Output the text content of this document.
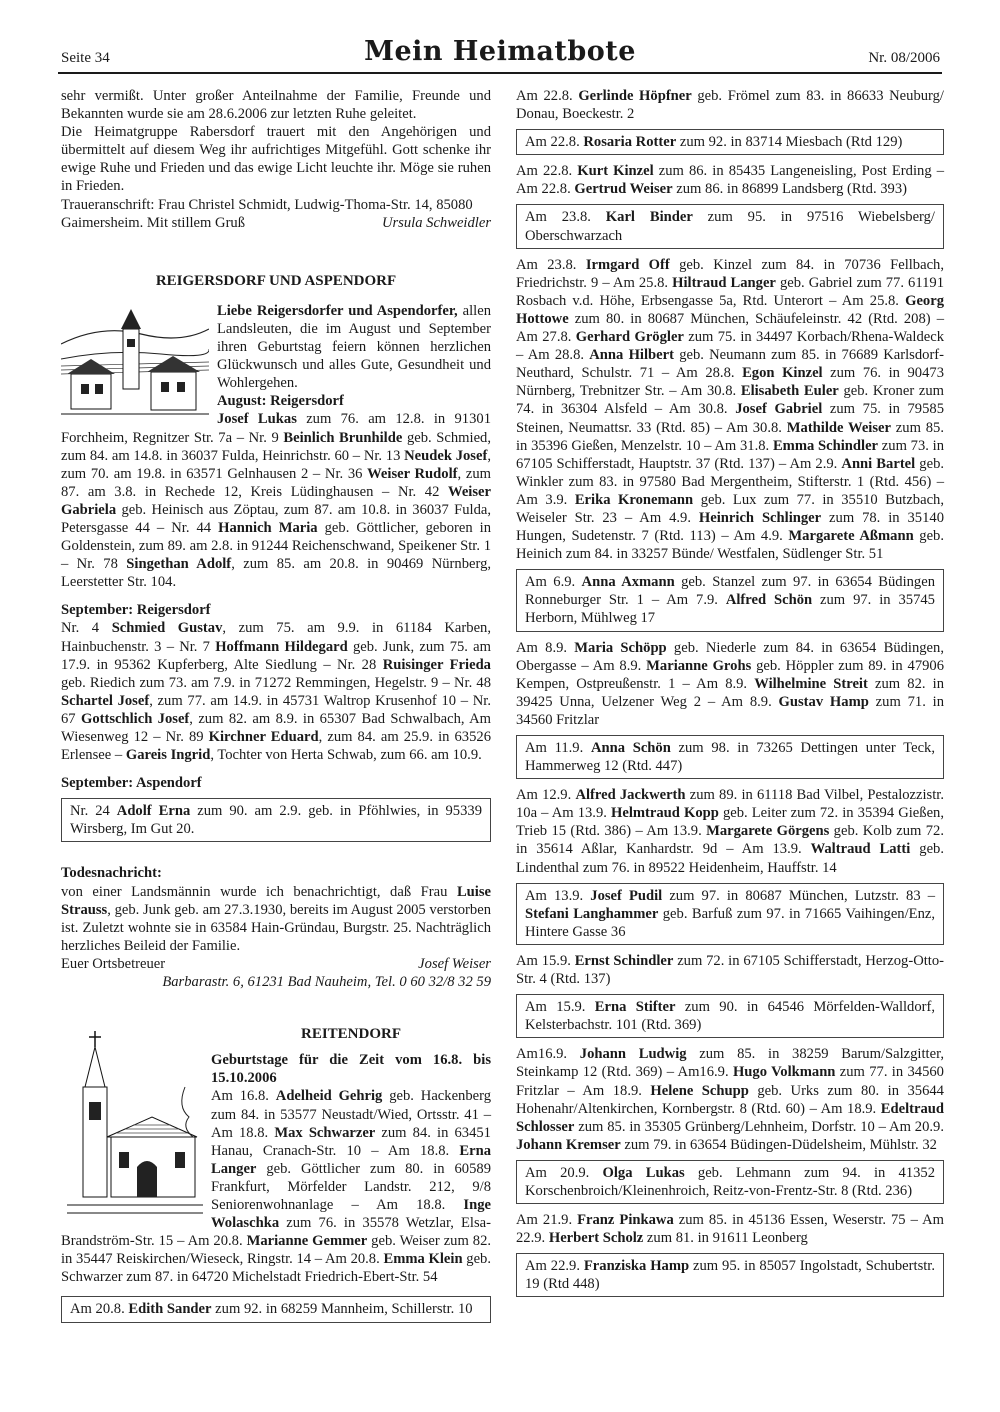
Seite 34	Mein Heimatbote	Nr. 08/2006

sehr vermißt. Unter großer Anteilnahme der Familie, Freunde und Bekannten wurde sie am 28.6.2006 zur letzten Ruhe geleitet.

Die Heimatgruppe Rabersdorf trauert mit den Angehörigen und übermittelt auf diesem Weg ihr aufrichtiges Mitgefühl. Gott schenke ihr ewige Ruhe und Frieden und das ewige Licht leuchte ihr. Möge sie ruhen in Frieden.

Traueranschrift: Frau Christel Schmidt, Ludwig-Thoma-Str. 14, 85080

Gaimersheim. Mit stillem Gruß	Ursula Schweidler
REIGERSDORF UND ASPENDORF

Liebe Reigersdorfer und Aspendorfer, allen Landsleuten, die im August und September ihren Geburtstag feiern können herzlichen Glückwunsch und alles Gute, Gesundheit und Wohlergehen.

August: Reigersdorf

Josef Lukas zum 76. am 12.8. in 91301 Forchheim, Regnitzer Str. 7a – Nr. 9 Beinlich Brunhilde geb. Schmied, zum 84. am 14.8. in 36037 Fulda, Heinrichstr. 60 – Nr. 13 Neudek Josef, zum 70. am 19.8. in 63571 Gelnhausen 2 – Nr. 36 Weiser Rudolf, zum 87. am 3.8. in Rechede 12, Kreis Lüdinghausen – Nr. 42 Weiser Gabriela geb. Heinisch aus Zöptau, zum 87. am 10.8. in 36037 Fulda, Petersgasse 44 – Nr. 44 Hannich Maria geb. Göttlicher, geboren in Goldenstein, zum 89. am 2.8. in 91244 Reichenschwand, Speikener Str. 1 – Nr. 78 Singethan Adolf, zum 85. am 20.8. in 90469 Nürnberg, Leerstetter Str. 104.

September: Reigersdorf

Nr. 4 Schmied Gustav, zum 75. am 9.9. in 61184 Karben, Hainbuchenstr. 3 – Nr. 7 Hoffmann Hildegard geb. Junk, zum 75. am 17.9. in 95362 Kupferberg, Alte Siedlung – Nr. 28 Ruisinger Frieda geb. Riedich zum 73. am 7.9. in 71272 Remmingen, Hegelstr. 9 – Nr. 48 Schartel Josef, zum 77. am 14.9. in 45731 Waltrop Krusenhof 10 – Nr. 67 Gottschlich Josef, zum 82. am 8.9. in 65307 Bad Schwalbach, Am Wiesenweg 12 – Nr. 89 Kirchner Eduard, zum 84. am 25.9. in 63526 Erlensee – Gareis Ingrid, Tochter von Herta Schwab, zum 66. am 10.9.

September: Aspendorf

Nr. 24 Adolf Erna zum 90. am 2.9. geb. in Pföhlwies, in 95339 Wirsberg, Im Gut 20.

Todesnachricht:

von einer Landsmännin wurde ich benachrichtigt, daß Frau Luise Strauss, geb. Junk geb. am 27.3.1930, bereits im August 2005 verstorben ist. Zuletzt wohnte sie in 63584 Hain-Gründau, Burgstr. 25. Nachträglich herzliches Beileid der Familie.

Euer Ortsbetreuer	Josef Weiser

Barbarastr. 6, 61231 Bad Nauheim, Tel. 0 60 32/8 32 59

REITENDORF

Geburtstage für die Zeit vom 16.8. bis 15.10.2006

Am 16.8. Adelheid Gehrig geb. Hackenberg zum 84. in 53577 Neustadt/Wied, Ortsstr. 41 – Am 18.8. Max Schwarzer zum 84. in 63451 Hanau, Cranach-Str. 10 – Am 18.8. Erna Langer geb. Göttlicher zum 80. in 60589 Frankfurt, Mörfelder Landstr. 212, 9/8 Seniorenwohnanlage – Am 18.8. Inge Wolaschka zum 76. in 35578 Wetzlar, Elsa-Brandström-Str. 15 – Am 20.8. Marianne Gemmer geb. Weiser zum 82. in 35447 Reiskirchen/Wieseck, Ringstr. 14 – Am 20.8. Emma Klein geb. Schwarzer zum 87. in 64720 Michelstadt Friedrich-Ebert-Str. 54

Am 20.8. Edith Sander zum 92. in 68259 Mannheim, Schillerstr. 10

Am 22.8. Gerlinde Höpfner geb. Frömel zum 83. in 86633 Neuburg/ Donau, Boeckestr. 2

Am 22.8. Rosaria Rotter zum 92. in 83714 Miesbach (Rtd 129)

Am 22.8. Kurt Kinzel zum 86. in 85435 Langeneisling, Post Erding – Am 22.8. Gertrud Weiser zum 86. in 86899 Landsberg (Rtd. 393)

Am 23.8. Karl Binder zum 95. in 97516 Wiebelsberg/ Oberschwarzach

Am 23.8. Irmgard Off geb. Kinzel zum 84. in 70736 Fellbach, Friedrichstr. 9 – Am 25.8. Hiltraud Langer geb. Gabriel zum 77. 61191 Rosbach v.d. Höhe, Erbsengasse 5a, Rtd. Unterort – Am 25.8. Georg Hottowe zum 80. in 80687 München, Schäufeleinstr. 42 (Rtd. 208) – Am 27.8. Gerhard Grögler zum 75. in 34497 Korbach/Rhena-Waldeck – Am 28.8. Anna Hilbert geb. Neumann zum 85. in 76689 Karlsdorf-Neuthard, Schulstr. 71 – Am 28.8. Egon Kinzel zum 76. in 90473 Nürnberg, Trebnitzer Str. – Am 30.8. Elisabeth Euler geb. Kroner zum 74. in 36304 Alsfeld – Am 30.8. Josef Gabriel zum 75. in 79585 Steinen, Neumattsr. 33 (Rtd. 85) – Am 30.8. Mathilde Weiser zum 85. in 35396 Gießen, Menzelstr. 10 – Am 31.8. Emma Schindler zum 73. in 67105 Schifferstadt, Hauptstr. 37 (Rtd. 137) – Am 2.9. Anni Bartel geb. Winkler zum 83. in 97580 Bad Mergentheim, Stifterstr. 1 (Rtd. 456) – Am 3.9. Erika Kronemann geb. Lux zum 77. in 35510 Butzbach, Weiseler Str. 23 – Am 4.9. Heinrich Schlinger zum 78. in 35140 Hungen, Sudetenstr. 7 (Rtd. 113) – Am 4.9. Margarete Aßmann geb. Heinich zum 84. in 33257 Bünde/ Westfalen, Südlenger Str. 51

Am 6.9. Anna Axmann geb. Stanzel zum 97. in 63654 Büdingen Ronneburger Str. 1 – Am 7.9. Alfred Schön zum 97. in 35745 Herborn, Mühlweg 17

Am 8.9. Maria Schöpp geb. Niederle zum 84. in 63654 Büdingen, Obergasse – Am 8.9. Marianne Grohs geb. Höppler zum 89. in 47906 Kempen, Ostpreußenstr. 1 – Am 8.9. Wilhelmine Streit zum 82. in 39425 Unna, Uelzener Weg 2 – Am 8.9. Gustav Hamp zum 71. in 34560 Fritzlar

Am 11.9. Anna Schön zum 98. in 73265 Dettingen unter Teck, Hammerweg 12 (Rtd. 447)

Am 12.9. Alfred Jackwerth zum 89. in 61118 Bad Vilbel, Pestalozzistr. 10a – Am 13.9. Helmtraud Kopp geb. Leiter zum 72. in 35394 Gießen, Trieb 15 (Rtd. 386) – Am 13.9. Margarete Görgens geb. Kolb zum 72. in 35614 Aßlar, Kanhardstr. 9d – Am 13.9. Waltraud Latti geb. Lindenthal zum 76. in 89522 Heidenheim, Hauffstr. 14

Am 13.9. Josef Pudil zum 97. in 80687 München, Lutzstr. 83 – Stefani Langhammer geb. Barfuß zum 97. in 71665 Vaihingen/Enz, Hintere Gasse 36

Am 15.9. Ernst Schindler zum 72. in 67105 Schifferstadt, Herzog-Otto-Str. 4 (Rtd. 137)

Am 15.9. Erna Stifter zum 90. in 64546 Mörfelden-Walldorf, Kelsterbachstr. 101 (Rtd. 369)

Am16.9. Johann Ludwig zum 85. in 38259 Barum/Salzgitter, Steinkamp 12 (Rtd. 369) – Am16.9. Hugo Volkmann zum 77. in 34560 Fritzlar – Am 18.9. Helene Schupp geb. Urks zum 80. in 35644 Hohenahr/Altenkirchen, Kornbergstr. 8 (Rtd. 60) – Am 18.9. Edeltraud Schlosser zum 85. in 35305 Grünberg/Lehnheim, Dorfstr. 10 – Am 20.9. Johann Kremser zum 79. in 63654 Büdingen-Düdelsheim, Mühlstr. 32

Am 20.9. Olga Lukas geb. Lehmann zum 94. in 41352 Korschenbroich/Kleinenhroich, Reitz-von-Frentz-Str. 8 (Rtd. 236)

Am 21.9. Franz Pinkawa zum 85. in 45136 Essen, Weserstr. 75 – Am 22.9. Herbert Scholz zum 81. in 91611 Leonberg

Am 22.9. Franziska Hamp zum 95. in 85057 Ingolstadt, Schubertstr. 19 (Rtd 448)
